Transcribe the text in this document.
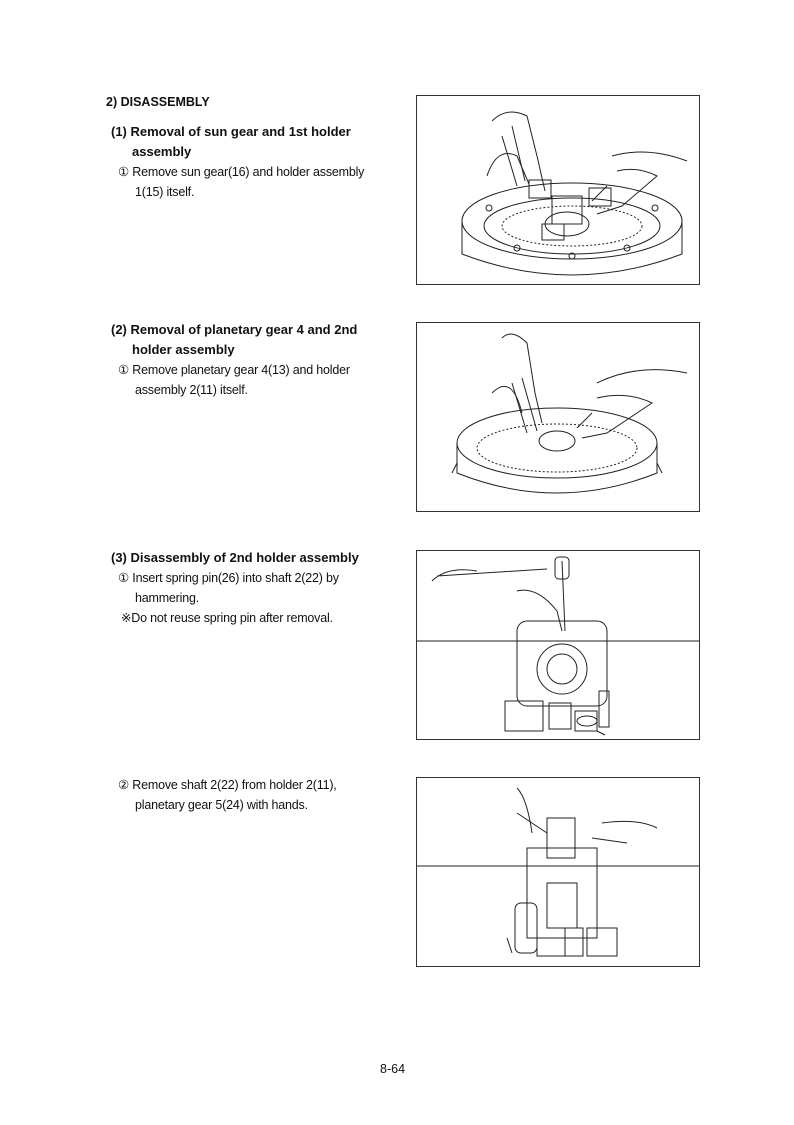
2) DISASSEMBLY
(1) Removal of sun gear and 1st holder
assembly
① Remove sun gear(16) and holder assembly
1(15) itself.
(2) Removal of planetary gear 4 and 2nd
holder assembly
① Remove planetary gear 4(13) and holder
assembly 2(11) itself.
(3) Disassembly of 2nd holder assembly
① Insert spring pin(26) into shaft 2(22) by
hammering.
※Do not reuse spring pin after removal.
② Remove shaft 2(22) from holder 2(11),
planetary gear 5(24) with hands.
8-64
